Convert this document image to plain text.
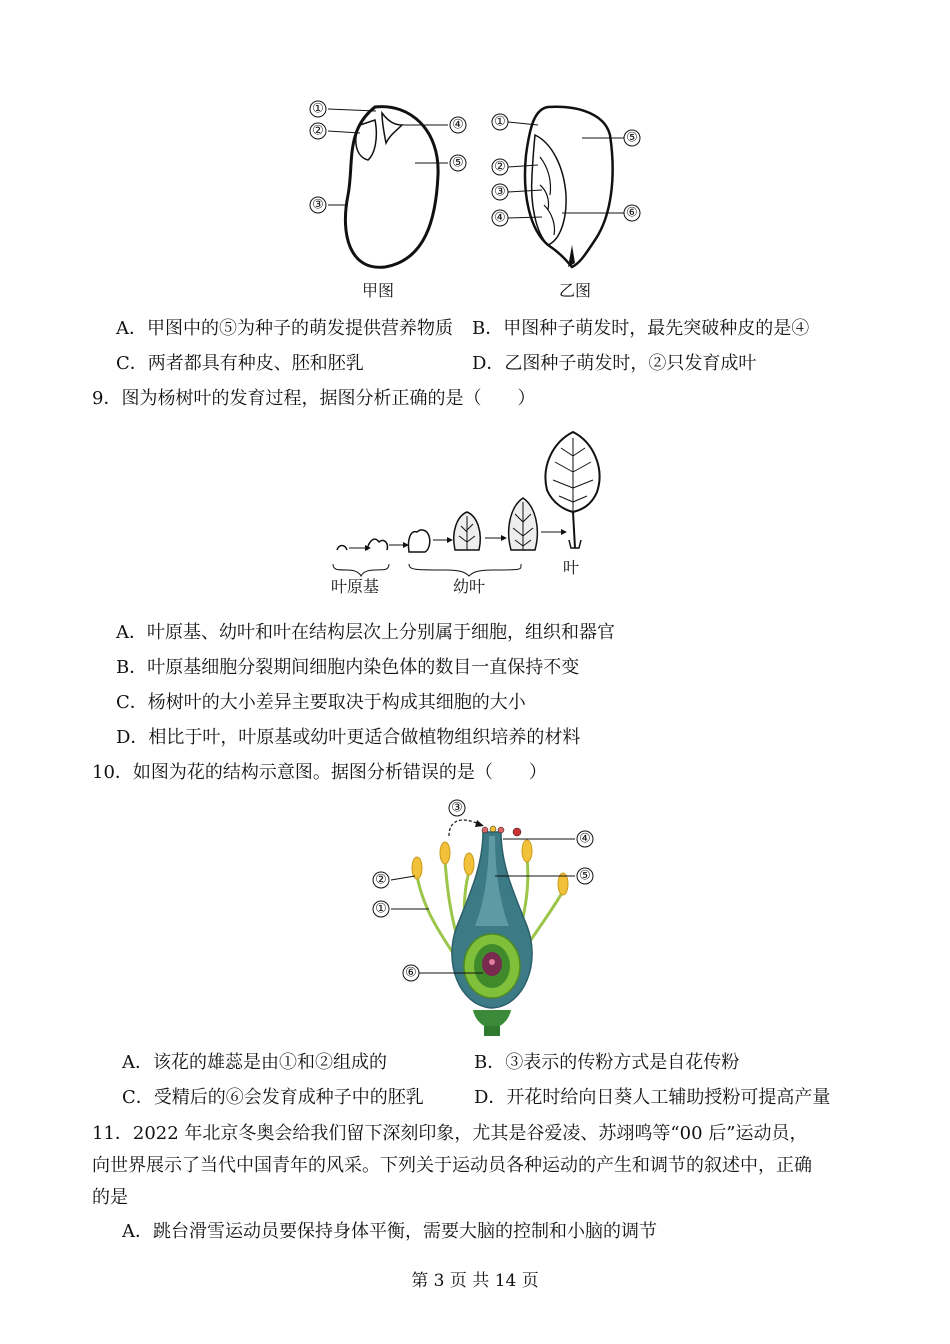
①
②
③
④
⑤
甲图
①
②
③
④
⑤
⑥
乙图
A．甲图中的⑤为种子的萌发提供营养物质 B．甲图种子萌发时，最先突破种皮的是④
C．两者都具有种皮、胚和胚乳	D．乙图种子萌发时，②只发育成叶
9．图为杨树叶的发育过程，据图分析正确的是（　　）
叶原基	幼叶
叶
A．叶原基、幼叶和叶在结构层次上分别属于细胞，组织和器官
B．叶原基细胞分裂期间细胞内染色体的数目一直保持不变
C．杨树叶的大小差异主要取决于构成其细胞的大小
D．相比于叶，叶原基或幼叶更适合做植物组织培养的材料
10．如图为花的结构示意图。据图分析错误的是（　　）
③
②
①
④
⑤
⑥
A．该花的雄蕊是由①和②组成的	B．③表示的传粉方式是自花传粉
C．受精后的⑥会发育成种子中的胚乳	D．开花时给向日葵人工辅助授粉可提高产量
11．2022 年北京冬奥会给我们留下深刻印象，尤其是谷爱凌、苏翊鸣等“00 后”运动员，
向世界展示了当代中国青年的风采。下列关于运动员各种运动的产生和调节的叙述中，正确
的是
A．跳台滑雪运动员要保持身体平衡，需要大脑的控制和小脑的调节
第 3 页 共 14 页
